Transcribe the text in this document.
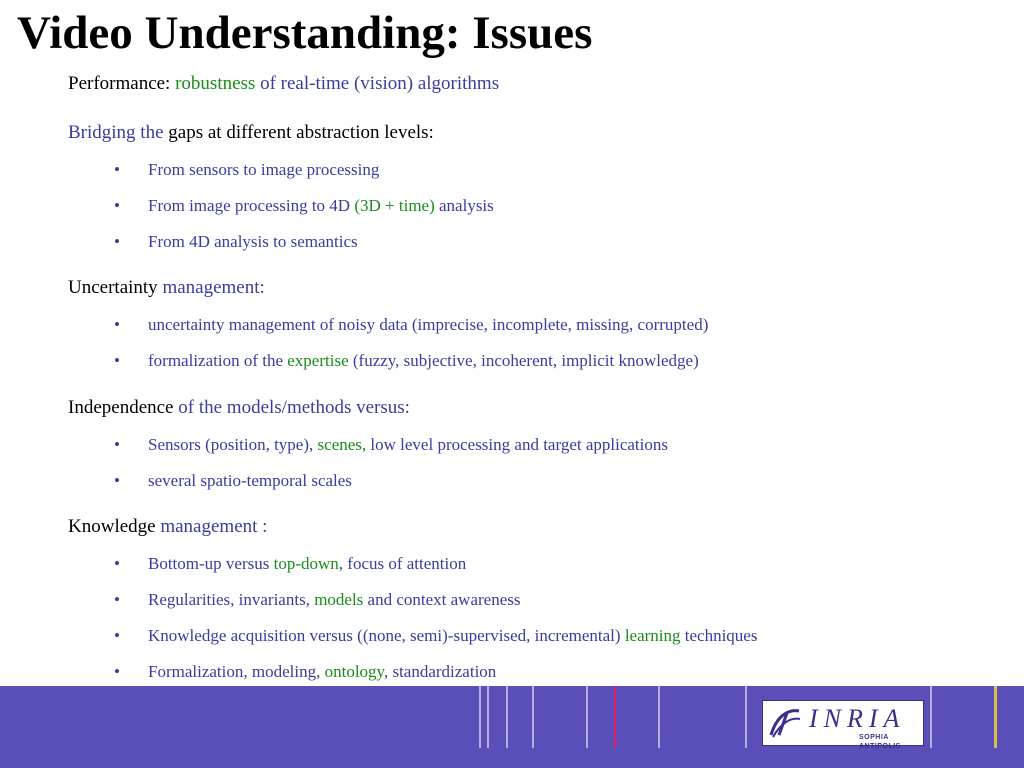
Video Understanding: Issues
Performance: robustness of real-time (vision) algorithms
Bridging the gaps at different abstraction levels:
• From sensors to image processing
• From image processing to 4D (3D + time) analysis
• From 4D analysis to semantics
Uncertainty management:
• uncertainty management of noisy data (imprecise, incomplete, missing, corrupted)
• formalization of the expertise (fuzzy, subjective, incoherent, implicit knowledge)
Independence of the models/methods versus:
• Sensors (position, type), scenes, low level processing and target applications
• several spatio-temporal scales
Knowledge management :
• Bottom-up versus top-down, focus of attention
• Regularities, invariants, models and context awareness
• Knowledge acquisition versus ((none, semi)-supervised, incremental) learning techniques
• Formalization, modeling, ontology, standardization
INRIA
SOPHIA ANTIPOLIS
